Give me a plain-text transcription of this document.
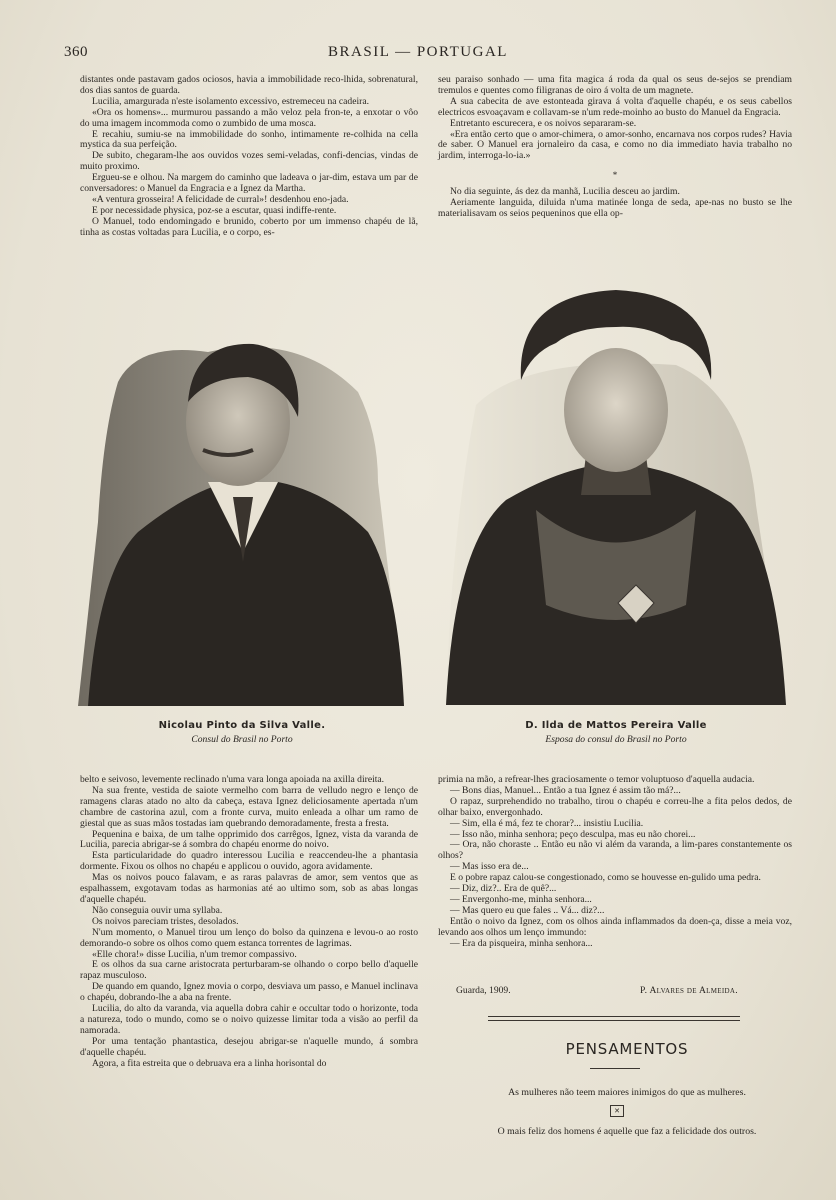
360	BRASIL — PORTUGAL

distantes onde pastavam gados ociosos, havia a immobilidade reco-lhida, sobrenatural, dos dias santos de guarda.

Lucilia, amargurada n'este isolamento excessivo, estremeceu na cadeira.

«Ora os homens»... murmurou passando a mão veloz pela fron-te, a enxotar o vôo do uma imagem incommoda como o zumbido de uma mosca.

E recahiu, sumiu-se na immobilidade do sonho, intimamente re-colhida na cella mystica da sua perfeição.

De subito, chegaram-lhe aos ouvidos vozes semi-veladas, confi-dencias, vindas de muito proximo.

Ergueu-se e olhou. Na margem do caminho que ladeava o jar-dim, estava um par de conversadores: o Manuel da Engracia e a Ignez da Martha.

«A ventura grosseira! A felicidade de curral»! desdenhou eno-jada.

E por necessidade physica, poz-se a escutar, quasi indiffe-rente.

O Manuel, todo endomingado e brunido, coberto por um immenso chapéu de lã, tinha as costas voltadas para Lucilia, e o corpo, es-

seu paraiso sonhado — uma fita magica á roda da qual os seus de-sejos se prendiam tremulos e quentes como filigranas de oiro á volta de um magnete.

A sua cabecita de ave estonteada girava á volta d'aquelle chapéu, e os seus cabellos electricos esvoaçavam e collavam-se n'um rede-moinho ao busto do Manuel da Engracia.

Entretanto escurecera, e os noivos separaram-se.

«Era então certo que o amor-chimera, o amor-sonho, encarnava nos corpos rudes? Havia de saber. O Manuel era jornaleiro da casa, e como no dia immediato havia trabalho no jardim, interroga-lo-ia.»

*

No dia seguinte, ás dez da manhã, Lucilia desceu ao jardim.

Aeriamente languida, diluida n'uma matinée longa de seda, ape-nas no busto se lhe materialisavam os seios pequeninos que ella op-

Nicolau Pinto da Silva Valle.
Consul do Brasil no Porto
D. Ilda de Mattos Pereira Valle
Esposa do consul do Brasil no Porto

belto e seivoso, levemente reclinado n'uma vara longa apoiada na axilla direita.

Na sua frente, vestida de saiote vermelho com barra de velludo negro e lenço de ramagens claras atado no alto da cabeça, estava Ignez deliciosamente apertada n'um chambre de castorina azul, com a fronte curva, muito enleada a olhar um ramo de giestal que as suas mãos tostadas iam quebrando demoradamente, fresta a fresta.

Pequenina e baixa, de um talhe opprimido dos carrêgos, Ignez, vista da varanda de Lucilia, parecia abrigar-se á sombra do chapéu enorme do noivo.

Esta particularidade do quadro interessou Lucilia e reaccendeu-lhe a phantasia dormente. Fixou os olhos no chapéu e applicou o ouvido, agora avidamente.

Mas os noivos pouco falavam, e as raras palavras de amor, sem ventos que as espalhassem, exgotavam todas as harmonias até ao ultimo som, sob as abas longas d'aquelle chapéu.

Não conseguia ouvir uma syllaba.

Os noivos pareciam tristes, desolados.

N'um momento, o Manuel tirou um lenço do bolso da quinzena e levou-o ao rosto demorando-o sobre os olhos como quem estanca torrentes de lagrimas.

«Elle chora!» disse Lucilia, n'um tremor compassivo.

E os olhos da sua carne aristocrata perturbaram-se olhando o corpo bello d'aquelle rapaz musculoso.

De quando em quando, Ignez movia o corpo, desviava um passo, e Manuel inclinava o chapéu, dobrando-lhe a aba na frente.

Lucilia, do alto da varanda, via aquella dobra cahir e occultar todo o horizonte, toda a natureza, todo o mundo, como se o noivo quizesse limitar toda a visão ao perfil da namorada.

Por uma tentação phantastica, desejou abrigar-se n'aquelle mundo, á sombra d'aquelle chapéu.

Agora, a fita estreita que o debruava era a linha horisontal do

primia na mão, a refrear-lhes graciosamente o temor voluptuoso d'aquella audacia.

— Bons dias, Manuel... Então a tua Ignez é assim tão má?...

O rapaz, surprehendido no trabalho, tirou o chapéu e correu-lhe a fita pelos dedos, de olhar baixo, envergonhado.

— Sim, ella é má, fez te chorar?... insistiu Lucilia.

— Isso não, minha senhora; peço desculpa, mas eu não chorei...

— Ora, não choraste .. Então eu não vi além da varanda, a lim-pares constantemente os olhos?

— Mas isso era de...

E o pobre rapaz calou-se congestionado, como se houvesse en-gulido uma pedra.

— Diz, diz?.. Era de quê?...

— Envergonho-me, minha senhora...

— Mas quero eu que fales .. Vá... diz?...

Então o noivo da Ignez, com os olhos ainda inflammados da doen-ça, disse a meia voz, levando aos olhos um lenço immundo:

— Era da pisqueira, minha senhora...

Guarda, 1909.	P. Alvares de Almeida.
PENSAMENTOS
As mulheres não teem maiores inimigos do que as mulheres.
✕
O mais feliz dos homens é aquelle que faz a felicidade dos outros.
